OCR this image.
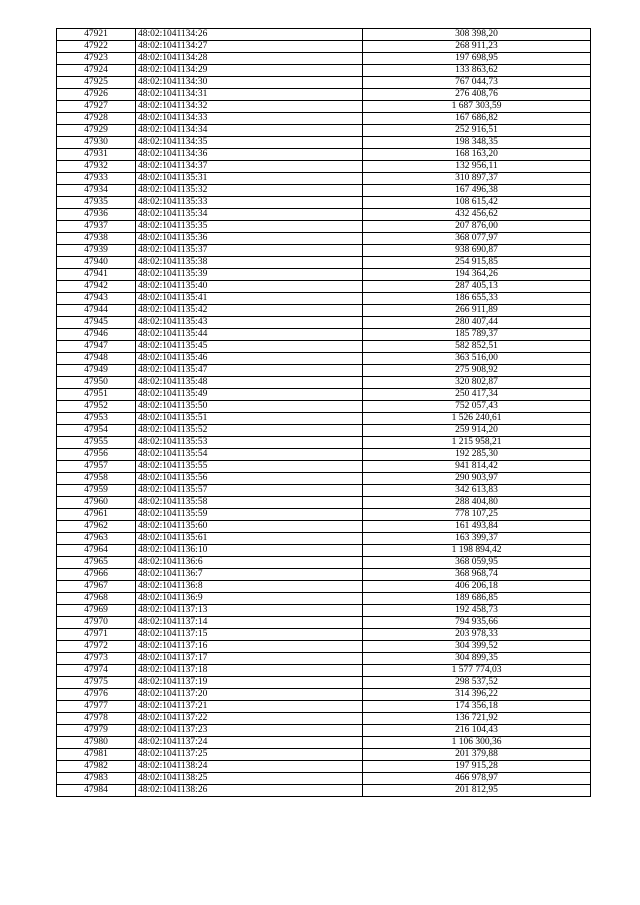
47921	48:02:1041134:26	308 398,20
47922	48:02:1041134:27	268 911,23
47923	48:02:1041134:28	197 698,95
47924	48:02:1041134:29	133 863,62
47925	48:02:1041134:30	767 044,73
47926	48:02:1041134:31	276 408,76
47927	48:02:1041134:32	1 687 303,59
47928	48:02:1041134:33	167 686,82
47929	48:02:1041134:34	252 916,51
47930	48:02:1041134:35	198 348,35
47931	48:02:1041134:36	168 163,20
47932	48:02:1041134:37	132 956,11
47933	48:02:1041135:31	310 897,37
47934	48:02:1041135:32	167 496,38
47935	48:02:1041135:33	108 615,42
47936	48:02:1041135:34	432 456,62
47937	48:02:1041135:35	207 876,00
47938	48:02:1041135:36	368 077,97
47939	48:02:1041135:37	938 690,87
47940	48:02:1041135:38	254 915,85
47941	48:02:1041135:39	194 364,26
47942	48:02:1041135:40	287 405,13
47943	48:02:1041135:41	186 655,33
47944	48:02:1041135:42	266 911,89
47945	48:02:1041135:43	280 407,44
47946	48:02:1041135:44	185 789,37
47947	48:02:1041135:45	582 852,51
47948	48:02:1041135:46	363 516,00
47949	48:02:1041135:47	275 908,92
47950	48:02:1041135:48	320 802,87
47951	48:02:1041135:49	250 417,34
47952	48:02:1041135:50	752 057,43
47953	48:02:1041135:51	1 526 240,61
47954	48:02:1041135:52	259 914,20
47955	48:02:1041135:53	1 215 958,21
47956	48:02:1041135:54	192 285,30
47957	48:02:1041135:55	941 814,42
47958	48:02:1041135:56	290 903,97
47959	48:02:1041135:57	342 613,83
47960	48:02:1041135:58	288 404,80
47961	48:02:1041135:59	778 107,25
47962	48:02:1041135:60	161 493,84
47963	48:02:1041135:61	163 399,37
47964	48:02:1041136:10	1 198 894,42
47965	48:02:1041136:6	368 059,95
47966	48:02:1041136:7	368 968,74
47967	48:02:1041136:8	406 206,18
47968	48:02:1041136:9	189 686,85
47969	48:02:1041137:13	192 458,73
47970	48:02:1041137:14	794 935,66
47971	48:02:1041137:15	203 978,33
47972	48:02:1041137:16	304 399,52
47973	48:02:1041137:17	304 899,35
47974	48:02:1041137:18	1 577 774,03
47975	48:02:1041137:19	298 537,52
47976	48:02:1041137:20	314 396,22
47977	48:02:1041137:21	174 356,18
47978	48:02:1041137:22	136 721,92
47979	48:02:1041137:23	216 104,43
47980	48:02:1041137:24	1 106 300,36
47981	48:02:1041137:25	201 379,88
47982	48:02:1041138:24	197 915,28
47983	48:02:1041138:25	466 978,97
47984	48:02:1041138:26	201 812,95
